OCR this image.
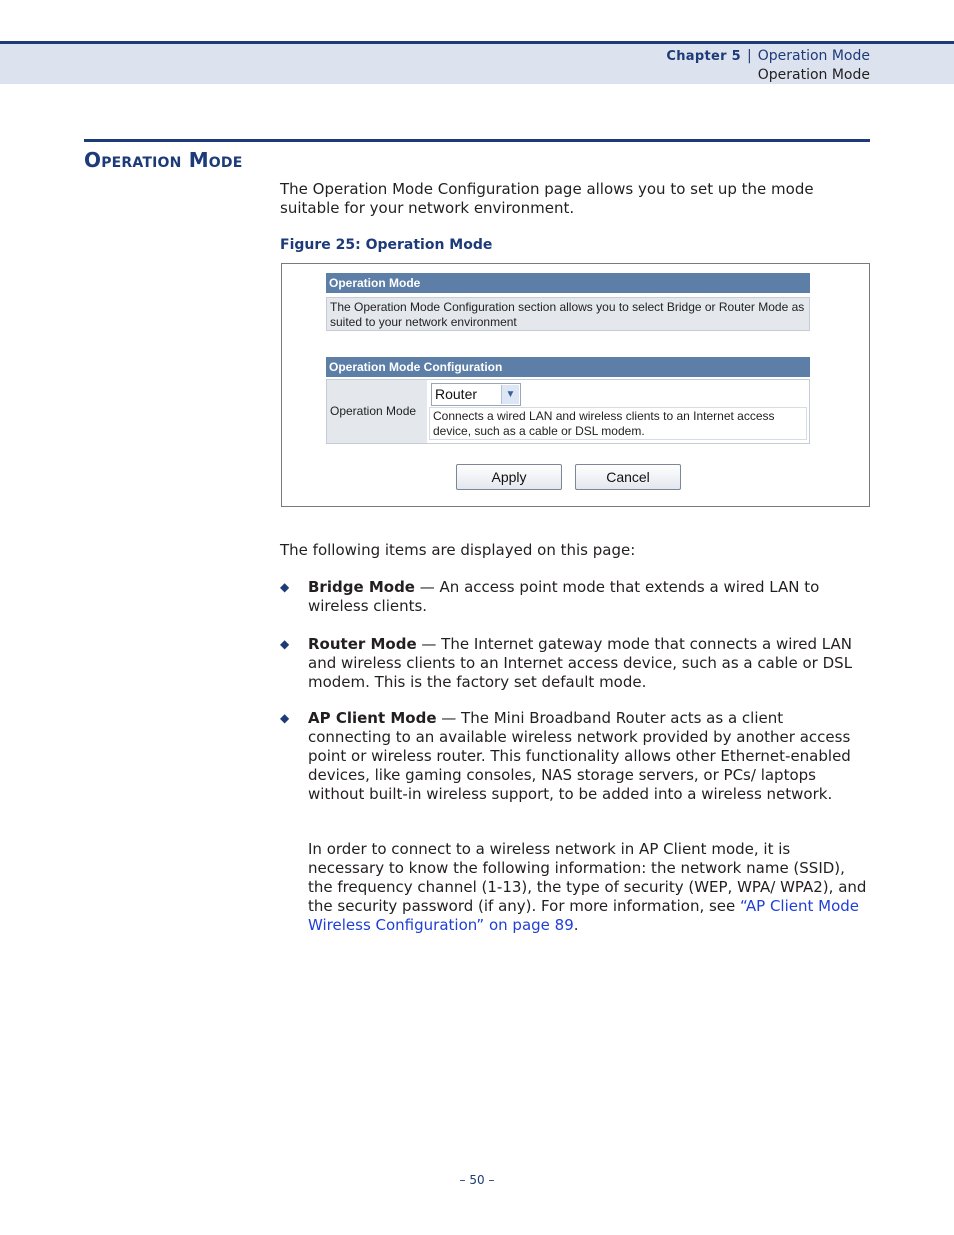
Chapter 5 | Operation Mode
Operation Mode
Operation Mode

The Operation Mode Configuration page allows you to set up the mode suitable for your network environment.

Figure 25: Operation Mode

Operation Mode
The Operation Mode Configuration section allows you to select Bridge or Router Mode as suited to your network environment
Operation Mode Configuration
Operation Mode
Router	▼
Connects a wired LAN and wireless clients to an Internet access device, such as a cable or DSL modem.
Apply	Cancel

The following items are displayed on this page:

◆ Bridge Mode — An access point mode that extends a wired LAN to wireless clients.

◆ Router Mode — The Internet gateway mode that connects a wired LAN and wireless clients to an Internet access device, such as a cable or DSL modem. This is the factory set default mode.

◆ AP Client Mode — The Mini Broadband Router acts as a client connecting to an available wireless network provided by another access point or wireless router. This functionality allows other Ethernet-enabled devices, like gaming consoles, NAS storage servers, or PCs/ laptops without built-in wireless support, to be added into a wireless network.

In order to connect to a wireless network in AP Client mode, it is necessary to know the following information: the network name (SSID), the frequency channel (1-13), the type of security (WEP, WPA/ WPA2), and the security password (if any). For more information, see “AP Client Mode Wireless Configuration” on page 89.

– 50 –
